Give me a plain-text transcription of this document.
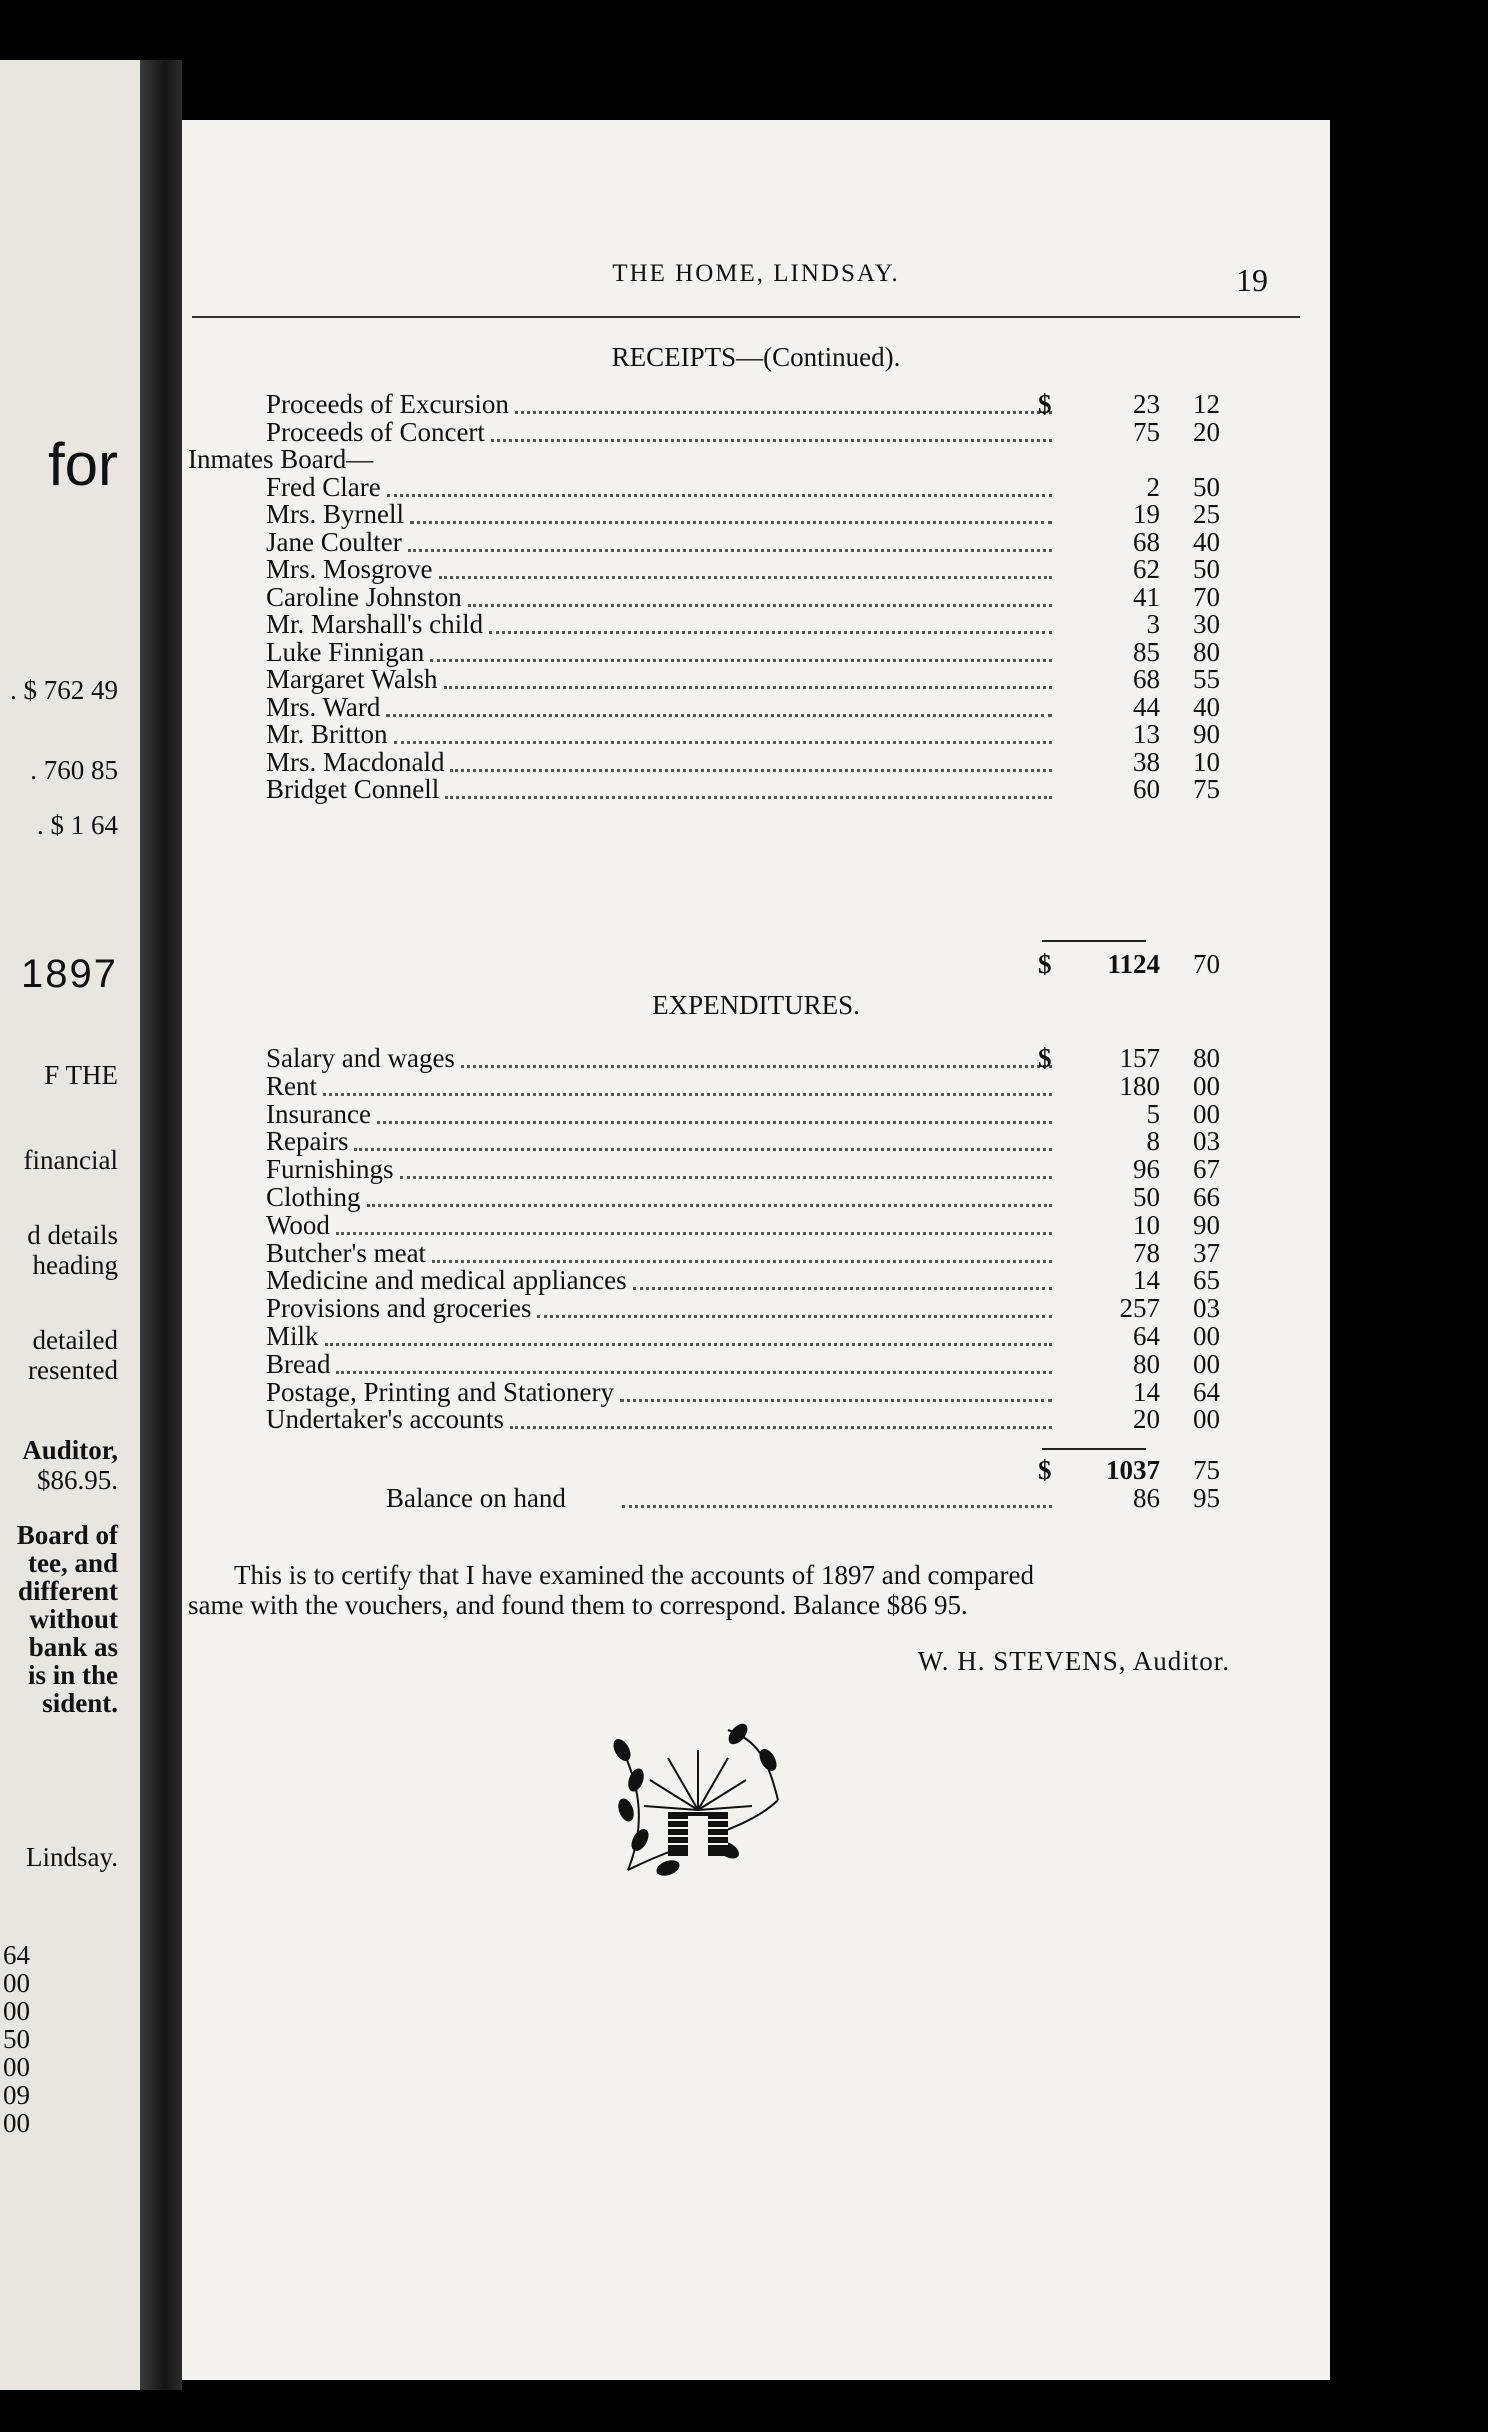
for
. $ 762 49
. 760 85
. $ 1 64
1897
F THE
financial
d details
heading
detailed
resented
Auditor,
$86.95.
Board of
tee, and
different
without
bank as
is in the
sident.
Lindsay.
64
00
00
50
00
09
00
THE HOME, LINDSAY.	19
RECEIPTS—(Continued).
Proceeds of Excursion	$	23	12
Proceeds of Concert	75	20
Inmates Board—
Fred Clare	2	50
Mrs. Byrnell	19	25
Jane Coulter	68	40
Mrs. Mosgrove	62	50
Caroline Johnston	41	70
Mr. Marshall's child	3	30
Luke Finnigan	85	80
Margaret Walsh	68	55
Mrs. Ward	44	40
Mr. Britton	13	90
Mrs. Macdonald	38	10
Bridget Connell	60	75
$	1124	70
EXPENDITURES.
Salary and wages	$	157	80
Rent	180	00
Insurance	5	00
Repairs	8	03
Furnishings	96	67
Clothing	50	66
Wood	10	90
Butcher's meat	78	37
Medicine and medical appliances	14	65
Provisions and groceries	257	03
Milk	64	00
Bread	80	00
Postage, Printing and Stationery	14	64
Undertaker's accounts	20	00
$	1037	75
Balance on hand	86	95
This is to certify that I have examined the accounts of 1897 and compared
same with the vouchers, and found them to correspond. Balance $86 95.
W. H. STEVENS, Auditor.
